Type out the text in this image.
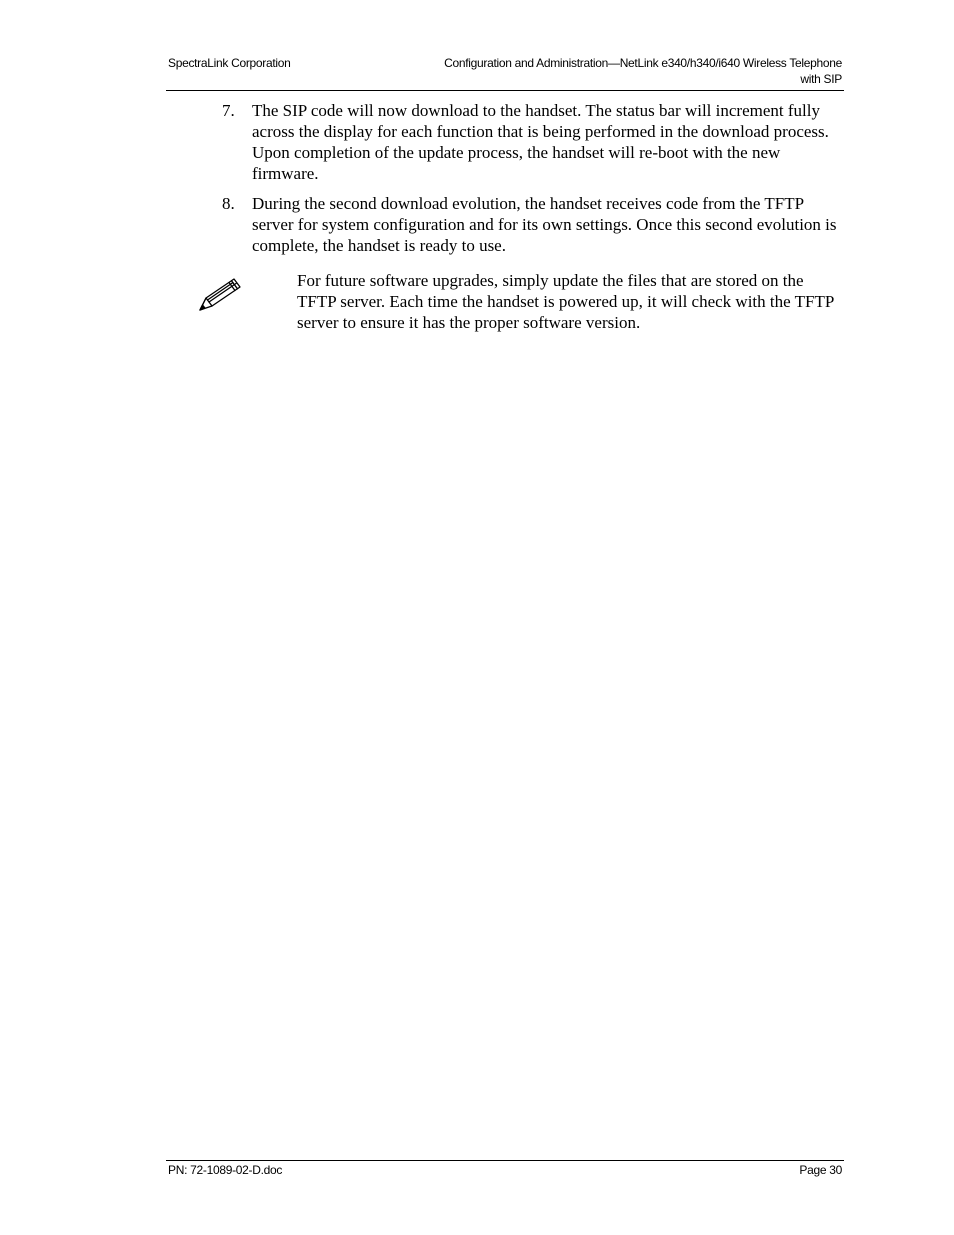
SpectraLink Corporation	Configuration and Administration—NetLink e340/h340/i640 Wireless Telephone
with SIP
7. The SIP code will now download to the handset. The status bar will increment fully across the display for each function that is being performed in the download process. Upon completion of the update process, the handset will re-boot with the new firmware.
8. During the second download evolution, the handset receives code from the TFTP server for system configuration and for its own settings. Once this second evolution is complete, the handset is ready to use.

For future software upgrades, simply update the files that are stored on the TFTP server. Each time the handset is powered up, it will check with the TFTP server to ensure it has the proper software version.

PN: 72-1089-02-D.doc	Page 30
